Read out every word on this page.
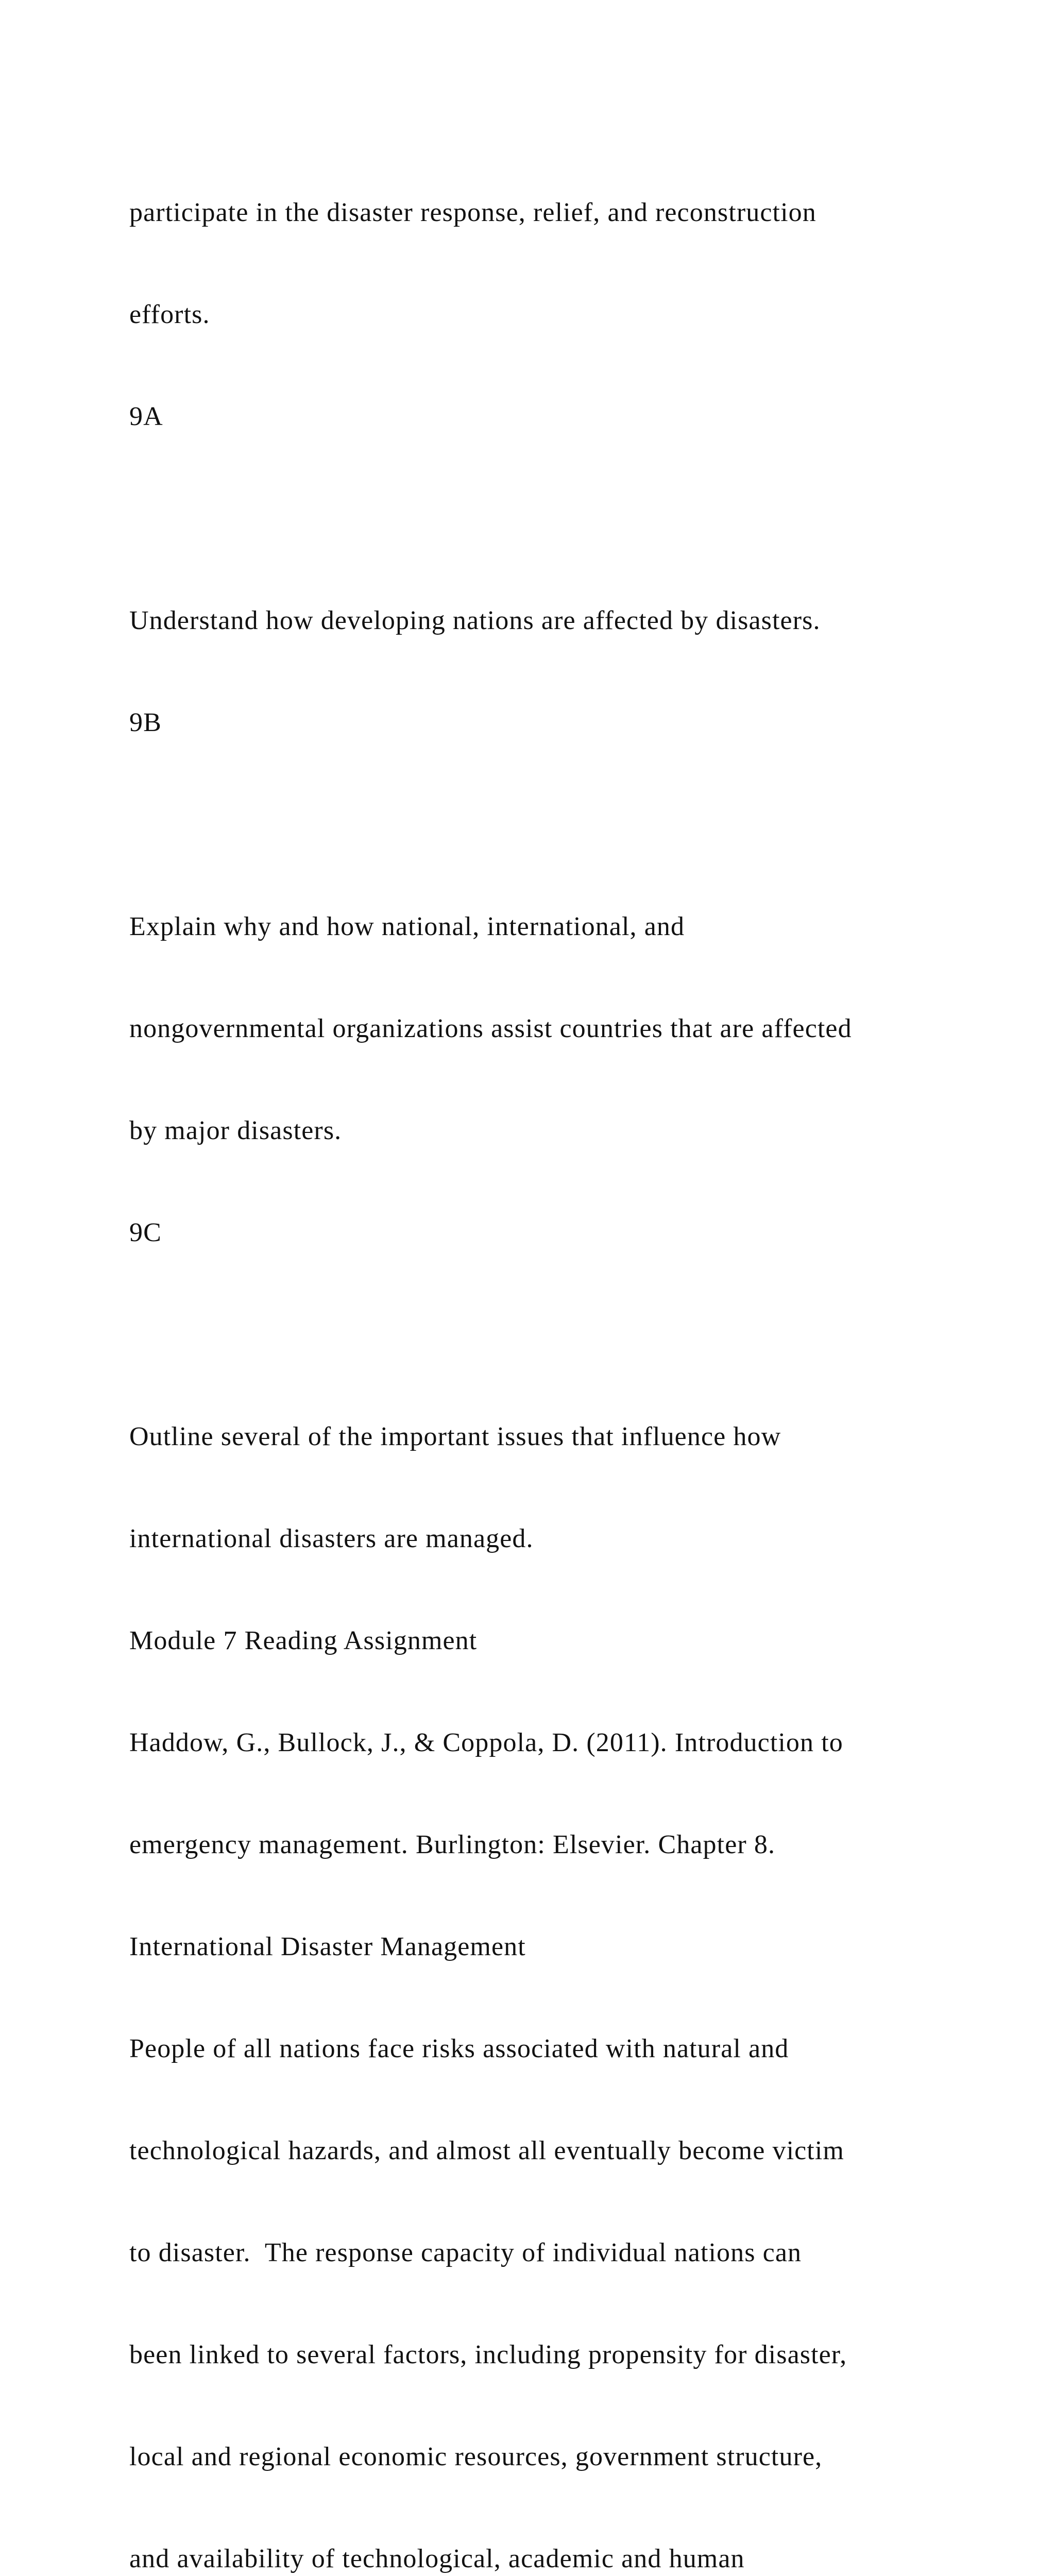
participate in the disaster response, relief, and reconstruction

efforts.

9A

Understand how developing nations are affected by disasters.

9B

Explain why and how national, international, and

nongovernmental organizations assist countries that are affected

by major disasters.

9C

Outline several of the important issues that influence how

international disasters are managed.

Module 7 Reading Assignment

Haddow, G., Bullock, J., & Coppola, D. (2011). Introduction to

emergency management. Burlington: Elsevier. Chapter 8.

International Disaster Management

People of all nations face risks associated with natural and

technological hazards, and almost all eventually become victim

to disaster.  The response capacity of individual nations can

been linked to several factors, including propensity for disaster,

local and regional economic resources, government structure,

and availability of technological, academic and human
